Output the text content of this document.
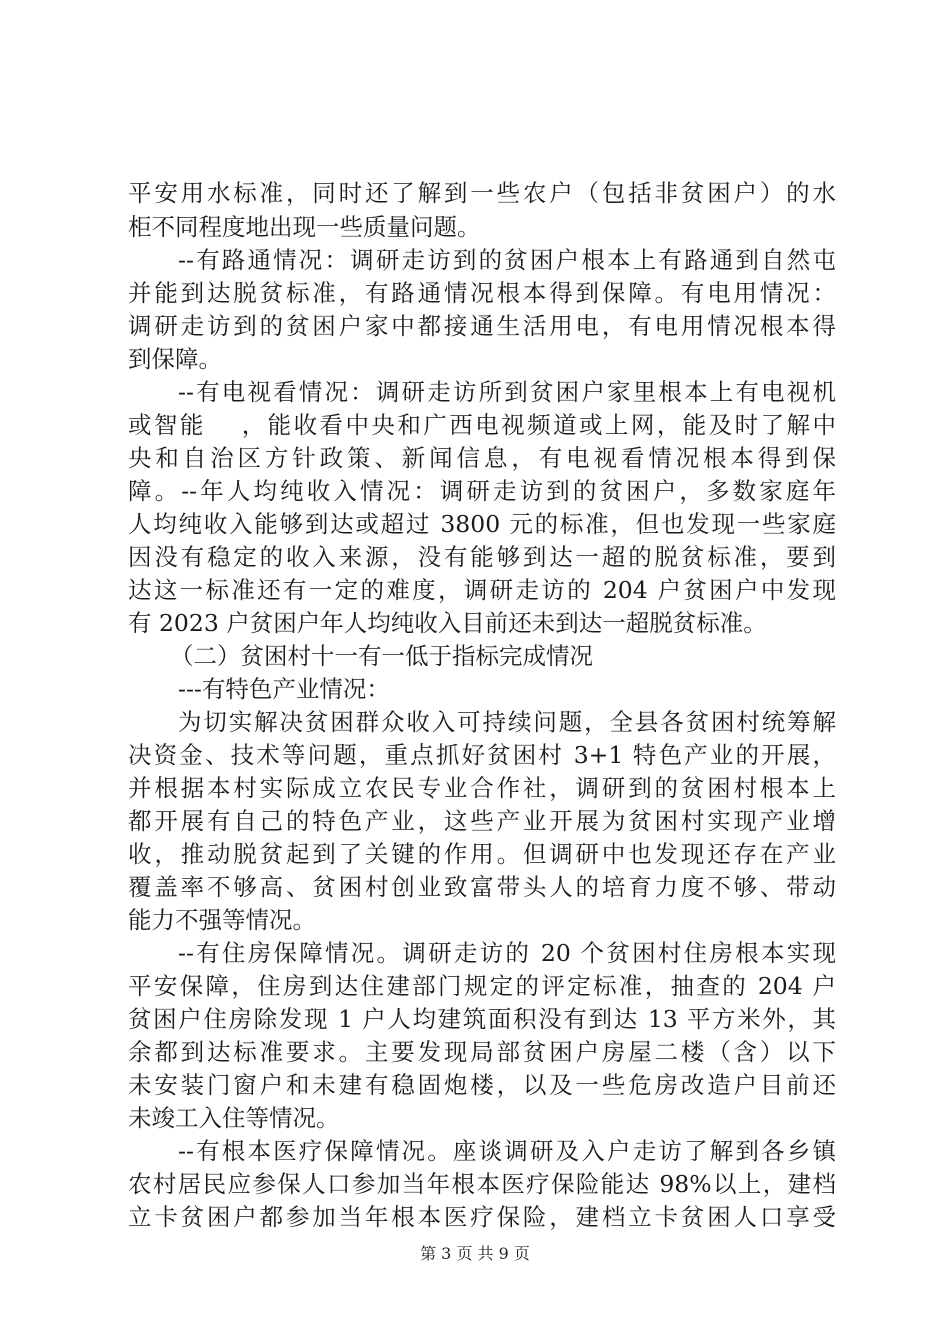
平安用水标准，同时还了解到一些农户（包括非贫困户）的水
柜不同程度地出现一些质量问题。
--有路通情况：调研走访到的贫困户根本上有路通到自然屯
并能到达脱贫标准，有路通情况根本得到保障。有电用情况：
调研走访到的贫困户家中都接通生活用电，有电用情况根本得
到保障。
--有电视看情况：调研走访所到贫困户家里根本上有电视机
或智能 　，能收看中央和广西电视频道或上网，能及时了解中
央和自治区方针政策、新闻信息，有电视看情况根本得到保
障。--年人均纯收入情况：调研走访到的贫困户，多数家庭年
人均纯收入能够到达或超过 3800 元的标准，但也发现一些家庭
因没有稳定的收入来源，没有能够到达一超的脱贫标准，要到
达这一标准还有一定的难度，调研走访的 204 户贫困户中发现
有 2023 户贫困户年人均纯收入目前还未到达一超脱贫标准。
（二）贫困村十一有一低于指标完成情况
---有特色产业情况：
为切实解决贫困群众收入可持续问题，全县各贫困村统筹解
决资金、技术等问题，重点抓好贫困村 3+1 特色产业的开展，
并根据本村实际成立农民专业合作社，调研到的贫困村根本上
都开展有自己的特色产业，这些产业开展为贫困村实现产业增
收，推动脱贫起到了关键的作用。但调研中也发现还存在产业
覆盖率不够高、贫困村创业致富带头人的培育力度不够、带动
能力不强等情况。
--有住房保障情况。调研走访的 20 个贫困村住房根本实现
平安保障，住房到达住建部门规定的评定标准，抽查的 204 户
贫困户住房除发现 1 户人均建筑面积没有到达 13 平方米外，其
余都到达标准要求。主要发现局部贫困户房屋二楼（含）以下
未安装门窗户和未建有稳固炮楼，以及一些危房改造户目前还
未竣工入住等情况。
--有根本医疗保障情况。座谈调研及入户走访了解到各乡镇
农村居民应参保人口参加当年根本医疗保险能达 98%以上，建档
立卡贫困户都参加当年根本医疗保险，建档立卡贫困人口享受
第 3 页 共 9 页
